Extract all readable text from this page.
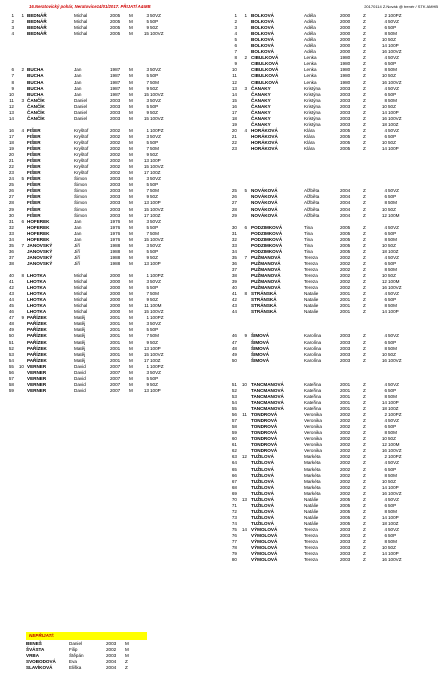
16.Neratovický pohár, Neratovice14/01/2017. PŘIJATÍ A&MB	20170114 Z.Novák @ trenér / STK AMHB
1	1 BEDNÁŘ	Michal	2005 M	3 50VZ
2	BEDNÁŘ	Michal	2005 M	5 50P
3	BEDNÁŘ	Michal	2005 M	9 50Z
4	BEDNÁŘ	Michal	2005 M	15 100VZ
6	2 BUCHA	Jan	1987 M	3 50VZ
7	BUCHA	Jan	1987 M	5 50P
8	BUCHA	Jan	1987 M	7 50M
9	BUCHA	Jan	1987 M	9 50Z
10	BUCHA	Jan	1987 M	15 100VZ
11	3 ČANČÍK	Daniel	2003 M	3 50VZ
12	ČANČÍK	Daniel	2003 M	5 50P
13	ČANČÍK	Daniel	2003 M	9 50Z
14	ČANČÍK	Daniel	2003 M	15 100VZ
16	4 FIŠER	Kryštof	2002 M	1 100PZ
17	FIŠER	Kryštof	2002 M	3 50VZ
18	FIŠER	Kryštof	2002 M	5 50P
19	FIŠER	Kryštof	2002 M	7 50M
20	FIŠER	Kryštof	2002 M	9 50Z
21	FIŠER	Kryštof	2002 M	13 100P
22	FIŠER	Kryštof	2002 M	15 100VZ
23	FIŠER	Kryštof	2002 M	17 100Z
24	5 FIŠER	Šimon	2003 M	3 50VZ
25	FIŠER	Šimon	2003 M	5 50P
26	FIŠER	Šimon	2003 M	7 50M
27	FIŠER	Šimon	2003 M	9 50Z
28	FIŠER	Šimon	2003 M	13 100P
29	FIŠER	Šimon	2003 M	15 100VZ
30	FIŠER	Šimon	2003 M	17 100Z
31	6 HOFEREK	Jan	1976 M	3 50VZ
32	HOFEREK	Jan	1976 M	5 50P
33	HOFEREK	Jan	1976 M	7 50M
34	HOFEREK	Jan	1976 M	15 100VZ
35	7 JANOVSKÝ	Jiří	1988 M	3 50VZ
36	JANOVSKÝ	Jiří	1988 M	5 50P
37	JANOVSKÝ	Jiří	1988 M	9 50Z
38	JANOVSKÝ	Jiří	1988 M	13 100P
40	8 LHOTKA	Michal	2000 M	1 100PZ
41	LHOTKA	Michal	2000 M	3 50VZ
42	LHOTKA	Michal	2000 M	5 50P
43	LHOTKA	Michal	2000 M	7 50M
44	LHOTKA	Michal	2000 M	9 50Z
45	LHOTKA	Michal	2000 M	11 100M
46	LHOTKA	Michal	2000 M	15 100VZ
47	9 PAŘÍZEK	Matěj	2001 M	1 100PZ
48	PAŘÍZEK	Matěj	2001 M	3 50VZ
49	PAŘÍZEK	Matěj	2001 M	5 50P
50	PAŘÍZEK	Matěj	2001 M	7 50M
51	PAŘÍZEK	Matěj	2001 M	9 50Z
52	PAŘÍZEK	Matěj	2001 M	13 100P
53	PAŘÍZEK	Matěj	2001 M	15 100VZ
54	PAŘÍZEK	Matěj	2001 M	17 100Z
55	10 VERNER	David	2007 M	1 100PZ
56	VERNER	David	2007 M	3 50VZ
57	VERNER	David	2007 M	5 50P
58	VERNER	David	2007 M	9 50Z
59	VERNER	David	2007 M	13 100P
1	1 BOLKOVÁ	Adéla	2000	Z	2 100PZ
2	BOLKOVÁ	Adéla	2000	Z	4 50VZ
3	BOLKOVÁ	Adéla	2000	Z	6 50P
4	BOLKOVÁ	Adéla	2000	Z	8 50M
5	BOLKOVÁ	Adéla	2000	Z	10 50Z
6	BOLKOVÁ	Adéla	2000	Z	14 100P
7	BOLKOVÁ	Adéla	2000	Z	16 100VZ
8	2 CIBULKOVÁ	Lenka	1980	Z	4 50VZ
9	CIBULKOVÁ	Lenka	1980	Z	6 50P
10	CIBULKOVÁ	Lenka	1980	Z	8 50M
11	CIBULKOVÁ	Lenka	1980	Z	10 50Z
12	CIBULKOVÁ	Lenka	1980	Z	16 100VZ
13	3 ČANAKY	Kristýna	2003	Z	4 50VZ
14	ČANAKY	Kristýna	2003	Z	6 50P
15	ČANAKY	Kristýna	2003	Z	8 50M
16	ČANAKY	Kristýna	2003	Z	10 50Z
17	ČANAKY	Kristýna	2003	Z	14 100P
18	ČANAKY	Kristýna	2003	Z	16 100VZ
19	ČANAKY	Kristýna	2003	Z	18 100Z
20	4 HORÁKOVÁ	Klára	2005	Z	4 50VZ
21	HORÁKOVÁ	Klára	2005	Z	6 50P
22	HORÁKOVÁ	Klára	2005	Z	10 50Z
23	HORÁKOVÁ	Klára	2005	Z	14 100P
25	5 NOVÁKOVÁ	Alžběta	2004	Z	4 50VZ
26	NOVÁKOVÁ	Alžběta	2004	Z	6 50P
27	NOVÁKOVÁ	Alžběta	2004	Z	8 50M
28	NOVÁKOVÁ	Alžběta	2004	Z	10 50Z
29	NOVÁKOVÁ	Alžběta	2004	Z	12 100M
30	6 PODZIMKOVÁ	Tina	2005	Z	4 50VZ
31	PODZIMKOVÁ	Tina	2005	Z	6 50P
32	PODZIMKOVÁ	Tina	2005	Z	8 50M
33	PODZIMKOVÁ	Tina	2005	Z	10 50Z
34	PODZIMKOVÁ	Tina	2005	Z	18 100Z
35	7 PUŽMANOVÁ	Tereza	2002	Z	4 50VZ
36	PUŽMANOVÁ	Tereza	2002	Z	6 50P
37	PUŽMANOVÁ	Tereza	2002	Z	8 50M
38	PUŽMANOVÁ	Tereza	2002	Z	10 50Z
39	PUŽMANOVÁ	Tereza	2002	Z	12 100M
40	PUŽMANOVÁ	Tereza	2002	Z	16 100VZ
41	8 STRÁNSKÁ	Natalie	2001	Z	4 50VZ
42	STRÁNSKÁ	Natalie	2001	Z	6 50P
43	STRÁNSKÁ	Natalie	2001	Z	8 50M
44	STRÁNSKÁ	Natalie	2001	Z	14 100P
46	9 ŠIMOVÁ	Karolína	2003	Z	4 50VZ
47	ŠIMOVÁ	Karolína	2003	Z	6 50P
48	ŠIMOVÁ	Karolína	2003	Z	8 50M
49	ŠIMOVÁ	Karolína	2003	Z	10 50Z
50	ŠIMOVÁ	Karolína	2003	Z	16 100VZ
51	10 TANCMANOVÁ	Kateřina	2001	Z	4 50VZ
52	TANCMANOVÁ	Kateřina	2001	Z	6 50P
53	TANCMANOVÁ	Kateřina	2001	Z	8 50M
54	TANCMANOVÁ	Kateřina	2001	Z	14 100P
55	TANCMANOVÁ	Kateřina	2001	Z	18 100Z
56	11 TONDROVÁ	Veronika	2002	Z	2 100PZ
57	TONDROVÁ	Veronika	2002	Z	4 50VZ
58	TONDROVÁ	Veronika	2002	Z	6 50P
59	TONDROVÁ	Veronika	2002	Z	8 50M
60	TONDROVÁ	Veronika	2002	Z	10 50Z
61	TONDROVÁ	Veronika	2002	Z	12 100M
62	TONDROVÁ	Veronika	2002	Z	16 100VZ
63	12 TUŽILOVÁ	Markéta	2002	Z	2 100PZ
64	TUŽILOVÁ	Markéta	2002	Z	4 50VZ
65	TUŽILOVÁ	Markéta	2002	Z	6 50P
66	TUŽILOVÁ	Markéta	2002	Z	8 50M
67	TUŽILOVÁ	Markéta	2002	Z	10 50Z
68	TUŽILOVÁ	Markéta	2002	Z	14 100P
69	TUŽILOVÁ	Markéta	2002	Z	16 100VZ
70	13 TUŽILOVÁ	Natálie	2005	Z	4 50VZ
71	TUŽILOVÁ	Natálie	2005	Z	6 50P
72	TUŽILOVÁ	Natálie	2005	Z	8 50M
73	TUŽILOVÁ	Natálie	2005	Z	14 100P
74	TUŽILOVÁ	Natálie	2005	Z	18 100Z
75	14 VÝMOLOVÁ	Tereza	2003	Z	4 50VZ
76	VÝMOLOVÁ	Tereza	2003	Z	6 50P
77	VÝMOLOVÁ	Tereza	2003	Z	8 50M
78	VÝMOLOVÁ	Tereza	2003	Z	10 50Z
79	VÝMOLOVÁ	Tereza	2003	Z	14 100P
80	VÝMOLOVÁ	Tereza	2003	Z	16 100VZ
NEPŘIJATÍ:
BENEŠ	Daniel	2003 M
ŠVÁSTA	Filip	2002 M
VRBA	Štěpán	2003 M
SVOBODOVÁ	Eva	2004 Z
SLAVÍKOVÁ	Eliška	2004 Z
